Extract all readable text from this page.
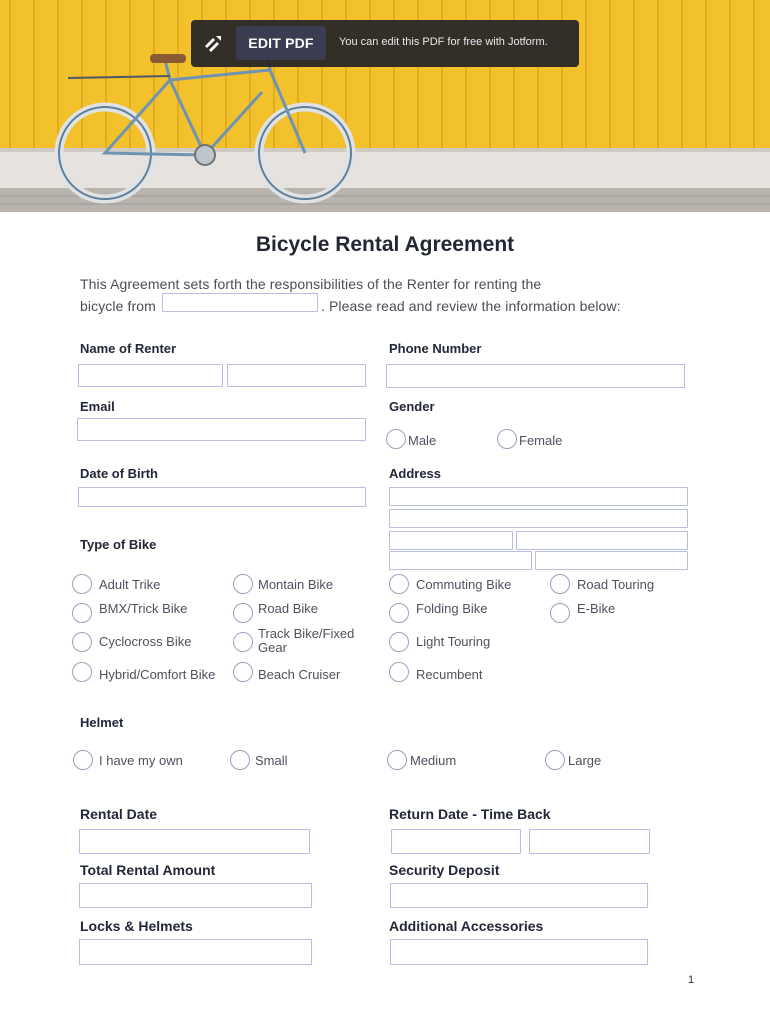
EDIT PDF	You can edit this PDF for free with Jotform.
Bicycle Rental Agreement
This Agreement sets forth the responsibilities of the Renter for renting the
bicycle from	. Please read and review the information below:
Name of Renter	Phone Number
Email	Gender
Male	Female
Date of Birth	Address
Type of Bike
Adult Trike
BMX/Trick Bike
Cyclocross Bike
Hybrid/Comfort Bike
Montain Bike
Road Bike
Track Bike/Fixed Gear
Beach Cruiser
Commuting Bike
Folding Bike
Light Touring
Recumbent
Road Touring
E-Bike
Helmet
I have my own	Small	Medium	Large
Rental Date	Return Date - Time Back
Total Rental Amount	Security Deposit
Locks & Helmets	Additional Accessories
1
